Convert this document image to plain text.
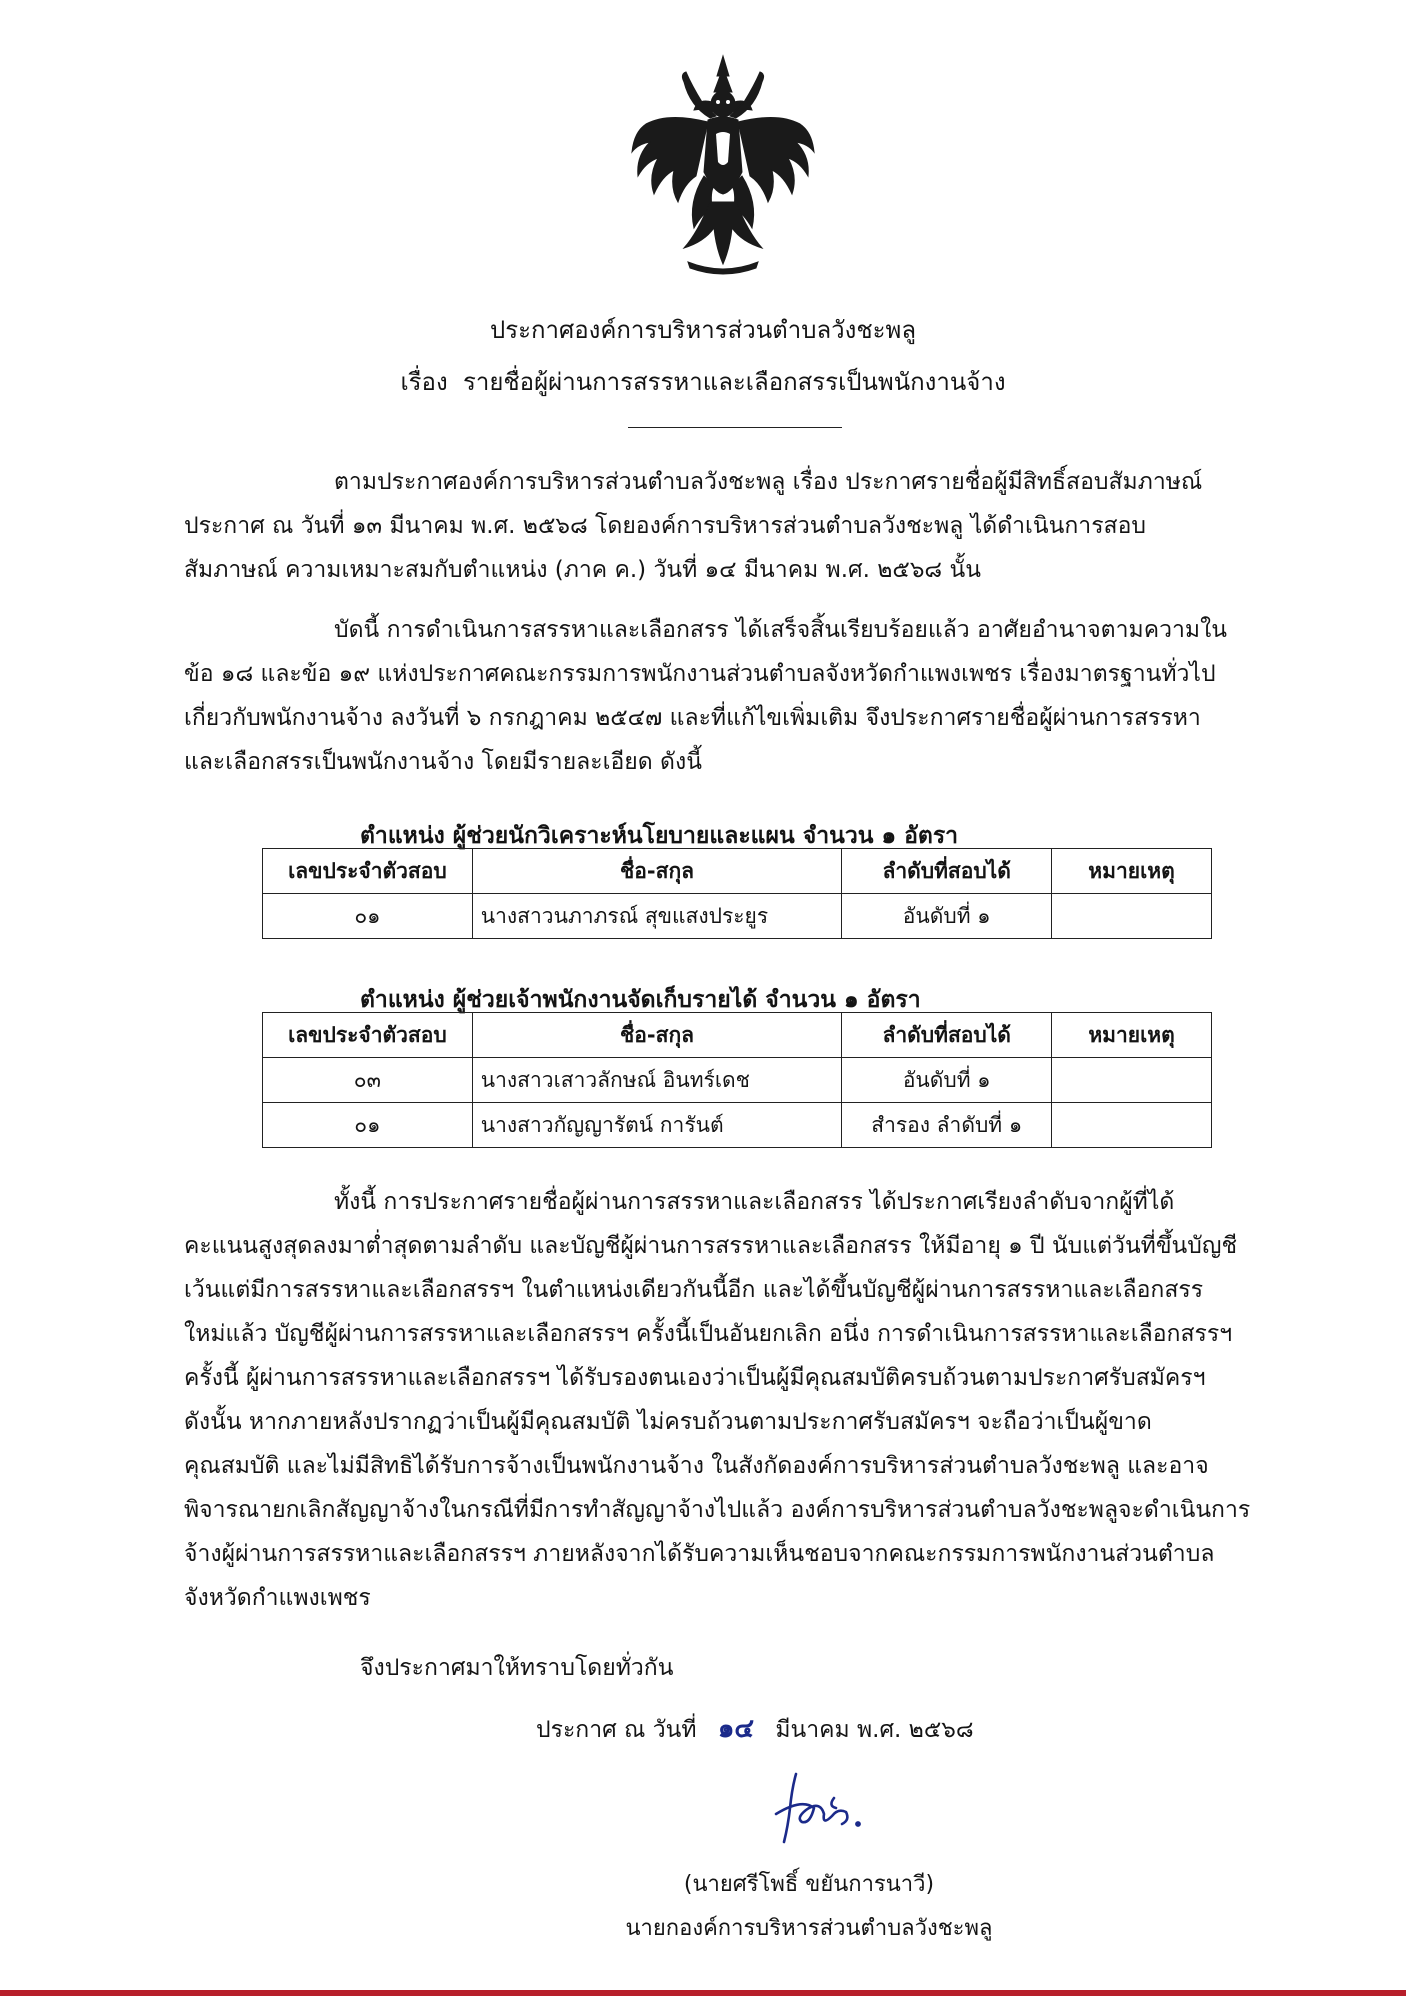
ประกาศองค์การบริหารส่วนตำบลวังชะพลู
เรื่อง รายชื่อผู้ผ่านการสรรหาและเลือกสรรเป็นพนักงานจ้าง
ตามประกาศองค์การบริหารส่วนตำบลวังชะพลู เรื่อง ประกาศรายชื่อผู้มีสิทธิ์สอบสัมภาษณ์
ประกาศ ณ วันที่ ๑๓ มีนาคม พ.ศ. ๒๕๖๘ โดยองค์การบริหารส่วนตำบลวังชะพลู ได้ดำเนินการสอบ
สัมภาษณ์ ความเหมาะสมกับตำแหน่ง (ภาค ค.) วันที่ ๑๔ มีนาคม พ.ศ. ๒๕๖๘ นั้น
บัดนี้ การดำเนินการสรรหาและเลือกสรร ได้เสร็จสิ้นเรียบร้อยแล้ว อาศัยอำนาจตามความใน
ข้อ ๑๘ และข้อ ๑๙ แห่งประกาศคณะกรรมการพนักงานส่วนตำบลจังหวัดกำแพงเพชร เรื่องมาตรฐานทั่วไป
เกี่ยวกับพนักงานจ้าง ลงวันที่ ๖ กรกฎาคม ๒๕๔๗ และที่แก้ไขเพิ่มเติม จึงประกาศรายชื่อผู้ผ่านการสรรหา
และเลือกสรรเป็นพนักงานจ้าง โดยมีรายละเอียด ดังนี้
ตำแหน่ง ผู้ช่วยนักวิเคราะห์นโยบายและแผน จำนวน ๑ อัตรา
เลขประจำตัวสอบ	ชื่อ-สกุล	ลำดับที่สอบได้	หมายเหตุ
๐๑	นางสาวนภาภรณ์ สุขแสงประยูร	อันดับที่ ๑	
ตำแหน่ง ผู้ช่วยเจ้าพนักงานจัดเก็บรายได้ จำนวน ๑ อัตรา
เลขประจำตัวสอบ	ชื่อ-สกุล	ลำดับที่สอบได้	หมายเหตุ
๐๓	นางสาวเสาวลักษณ์ อินทร์เดช	อันดับที่ ๑	
๐๑	นางสาวกัญญารัตน์ การันต์	สำรอง ลำดับที่ ๑	
ทั้งนี้ การประกาศรายชื่อผู้ผ่านการสรรหาและเลือกสรร ได้ประกาศเรียงลำดับจากผู้ที่ได้
คะแนนสูงสุดลงมาต่ำสุดตามลำดับ และบัญชีผู้ผ่านการสรรหาและเลือกสรร ให้มีอายุ ๑ ปี นับแต่วันที่ขึ้นบัญชี
เว้นแต่มีการสรรหาและเลือกสรรฯ ในตำแหน่งเดียวกันนี้อีก และได้ขึ้นบัญชีผู้ผ่านการสรรหาและเลือกสรร
ใหม่แล้ว บัญชีผู้ผ่านการสรรหาและเลือกสรรฯ ครั้งนี้เป็นอันยกเลิก อนึ่ง การดำเนินการสรรหาและเลือกสรรฯ
ครั้งนี้ ผู้ผ่านการสรรหาและเลือกสรรฯ ได้รับรองตนเองว่าเป็นผู้มีคุณสมบัติครบถ้วนตามประกาศรับสมัครฯ
ดังนั้น หากภายหลังปรากฏว่าเป็นผู้มีคุณสมบัติ ไม่ครบถ้วนตามประกาศรับสมัครฯ จะถือว่าเป็นผู้ขาด
คุณสมบัติ และไม่มีสิทธิได้รับการจ้างเป็นพนักงานจ้าง ในสังกัดองค์การบริหารส่วนตำบลวังชะพลู และอาจ
พิจารณายกเลิกสัญญาจ้างในกรณีที่มีการทำสัญญาจ้างไปแล้ว องค์การบริหารส่วนตำบลวังชะพลูจะดำเนินการ
จ้างผู้ผ่านการสรรหาและเลือกสรรฯ ภายหลังจากได้รับความเห็นชอบจากคณะกรรมการพนักงานส่วนตำบล
จังหวัดกำแพงเพชร
จึงประกาศมาให้ทราบโดยทั่วกัน
ประกาศ ณ วันที่ ๑๔ มีนาคม พ.ศ. ๒๕๖๘
(นายศรีโพธิ์ ขยันการนาวี)
นายกองค์การบริหารส่วนตำบลวังชะพลู
